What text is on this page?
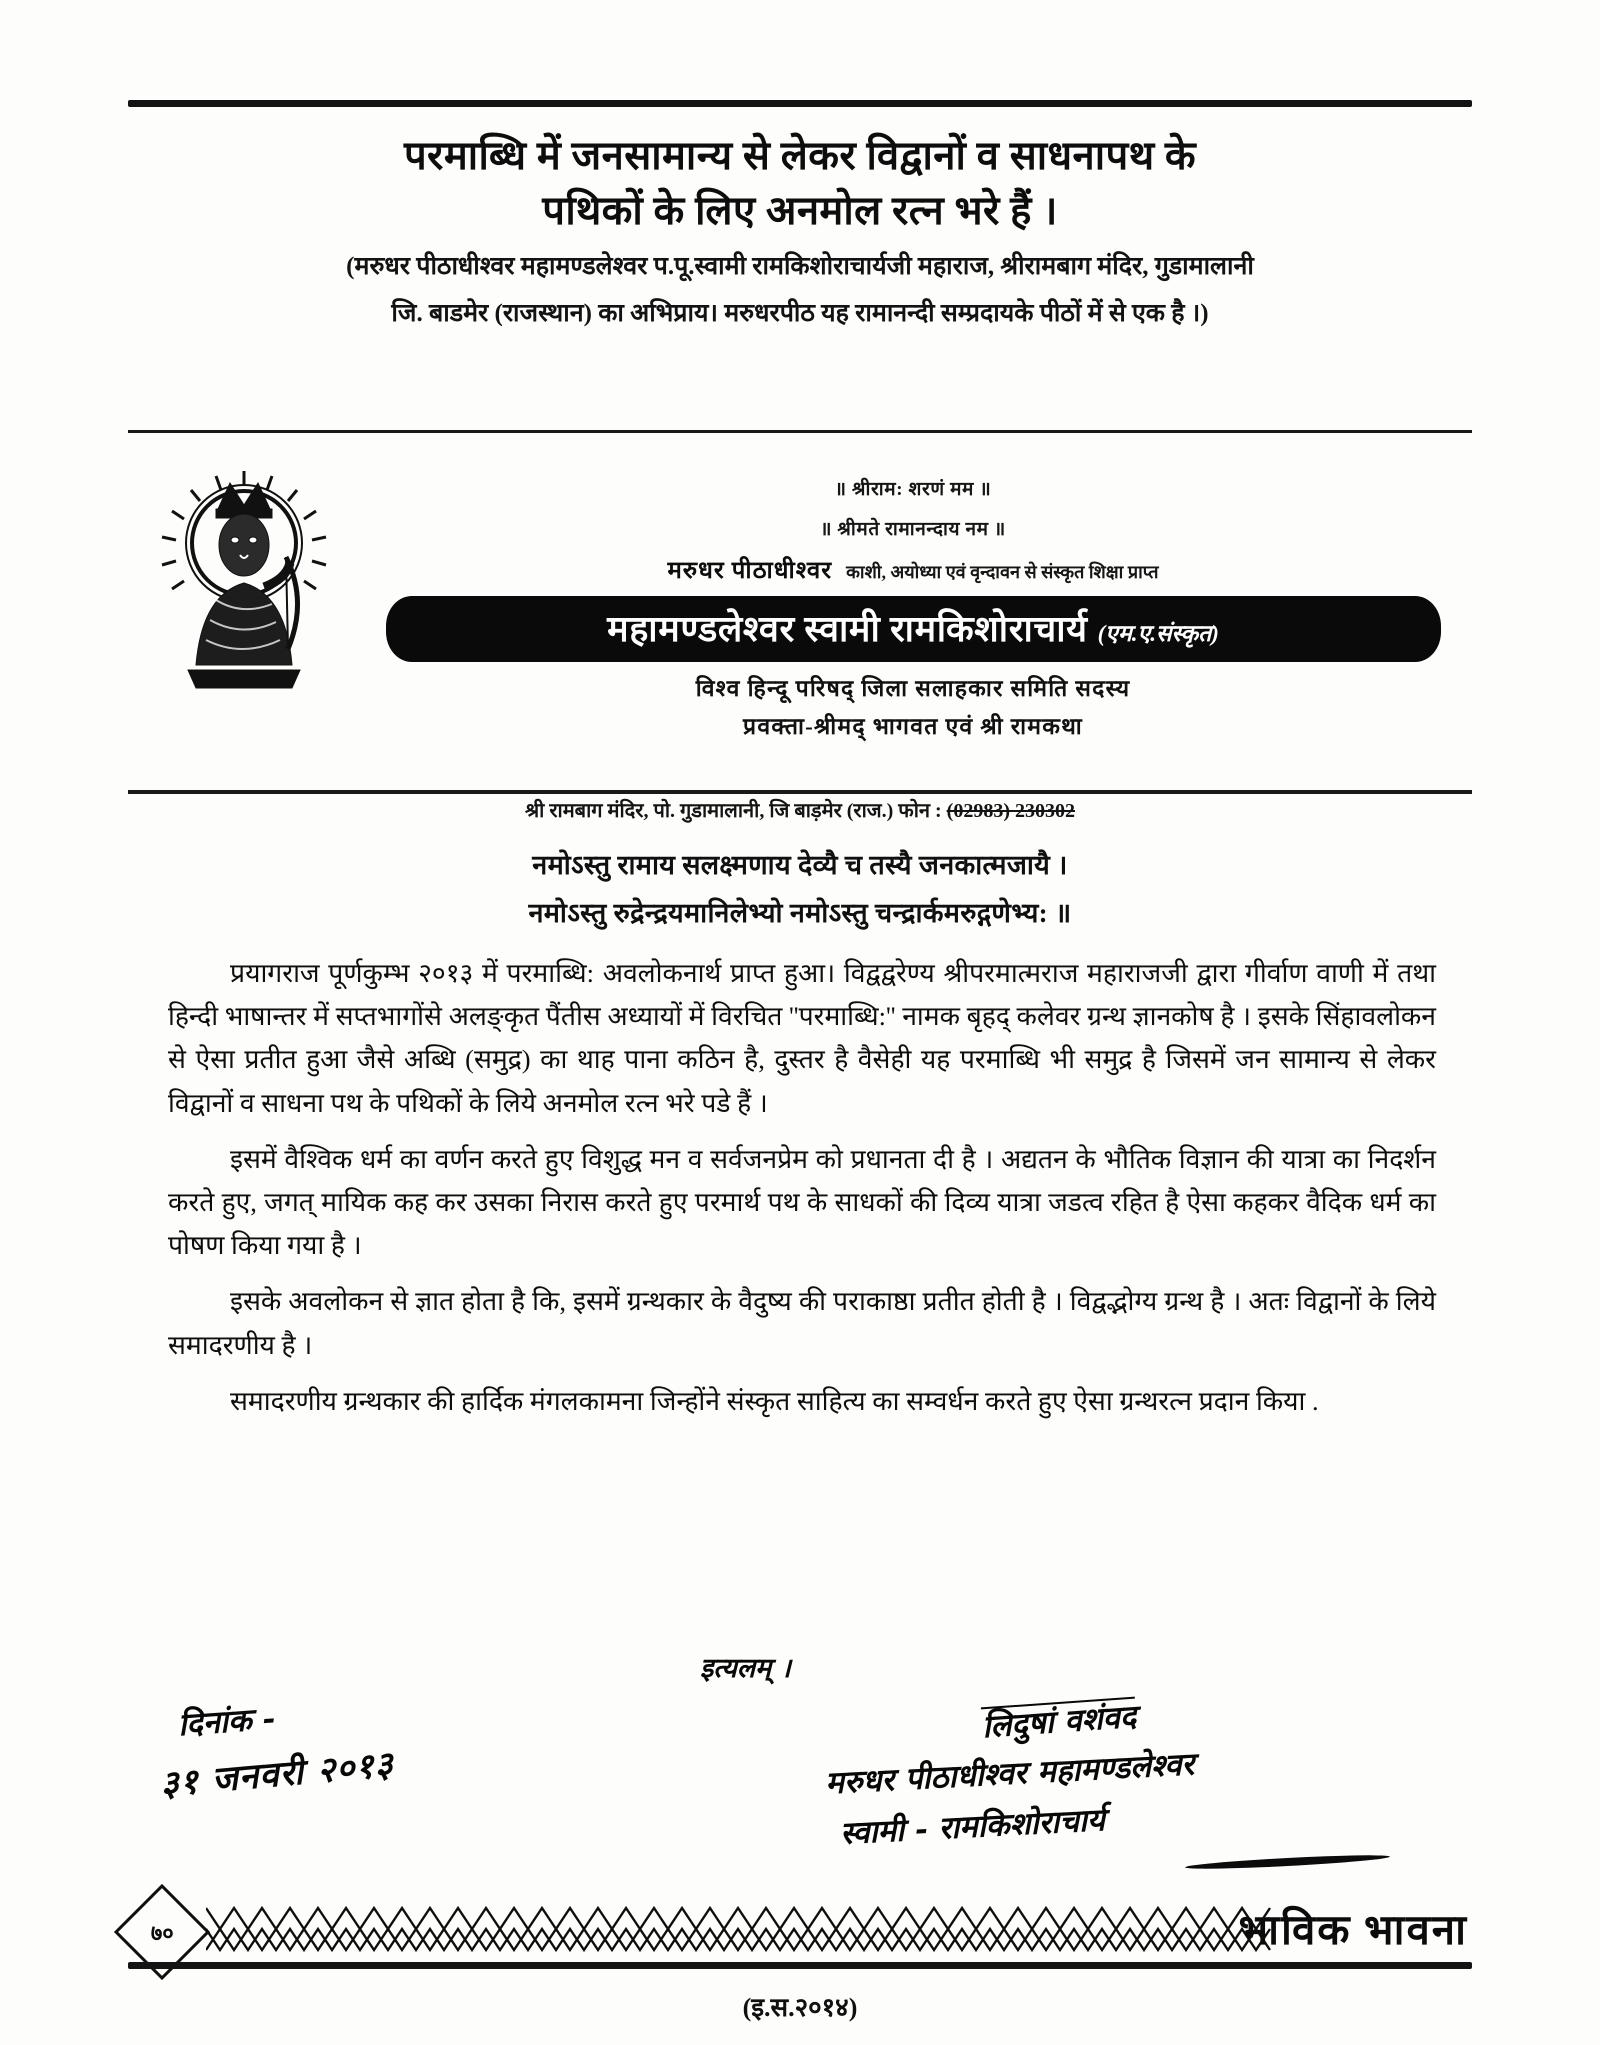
परमाब्धि में जनसामान्य से लेकर विद्वानों व साधनापथ के
पथिकों के लिए अनमोल रत्न भरे हैं ।
(मरुधर पीठाधीश्वर महामण्डलेश्वर प.पू.स्वामी रामकिशोराचार्यजी महाराज, श्रीरामबाग मंदिर, गुडामालानी
जि. बाडमेर (राजस्थान) का अभिप्राय। मरुधरपीठ यह रामानन्दी सम्प्रदायके पीठों में से एक है ।)
॥ श्रीराम: शरणं मम ॥
॥ श्रीमते रामानन्दाय नम ॥
मरुधर पीठाधीश्वर काशी, अयोध्या एवं वृन्दावन से संस्कृत शिक्षा प्राप्त
महामण्डलेश्वर स्वामी रामकिशोराचार्य (एम.ए.संस्कृत)
विश्व हिन्दू परिषद् जिला सलाहकार समिति सदस्य
प्रवक्ता-श्रीमद् भागवत एवं श्री रामकथा
श्री रामबाग मंदिर, पो. गुडामालानी, जि बाड़मेर (राज.) फोन : (02983) 230302
नमोऽस्तु रामाय सलक्ष्मणाय देव्यै च तस्यै जनकात्मजायै ।
नमोऽस्तु रुद्रेन्द्रयमानिलेभ्यो नमोऽस्तु चन्द्रार्कमरुद्गणेभ्य: ॥

प्रयागराज पूर्णकुम्भ २०१३ में परमाब्धि: अवलोकनार्थ प्राप्त हुआ। विद्वद्वरेण्य श्रीपरमात्मराज महाराजजी द्वारा गीर्वाण वाणी में तथा हिन्दी भाषान्तर में सप्तभागोंसे अलङ्कृत पैंतीस अध्यायों में विरचित ''परमाब्धि:'' नामक बृहद् कलेवर ग्रन्थ ज्ञानकोष है । इसके सिंहावलोकन से ऐसा प्रतीत हुआ जैसे अब्धि (समुद्र) का थाह पाना कठिन है, दुस्तर है वैसेही यह परमाब्धि भी समुद्र है जिसमें जन सामान्य से लेकर विद्वानों व साधना पथ के पथिकों के लिये अनमोल रत्न भरे पडे हैं ।

इसमें वैश्विक धर्म का वर्णन करते हुए विशुद्ध मन व सर्वजनप्रेम को प्रधानता दी है । अद्यतन के भौतिक विज्ञान की यात्रा का निदर्शन करते हुए, जगत् मायिक कह कर उसका निरास करते हुए परमार्थ पथ के साधकों की दिव्य यात्रा जडत्व रहित है ऐसा कहकर वैदिक धर्म का पोषण किया गया है ।

इसके अवलोकन से ज्ञात होता है कि, इसमें ग्रन्थकार के वैदुष्य की पराकाष्ठा प्रतीत होती है । विद्वद्भोग्य ग्रन्थ है । अतः विद्वानों के लिये समादरणीय है ।

समादरणीय ग्रन्थकार की हार्दिक मंगलकामना जिन्होंने संस्कृत साहित्य का सम्वर्धन करते हुए ऐसा ग्रन्थरत्न प्रदान किया .

इत्यलम् ।
दिनांक -
३१ जनवरी २०१३
लिदुषां वशंवद
मरुधर पीठाधीश्वर महामण्डलेश्वर
स्वामी - रामकिशोराचार्य
७०	भाविक भावना
(इ.स.२०१४)
